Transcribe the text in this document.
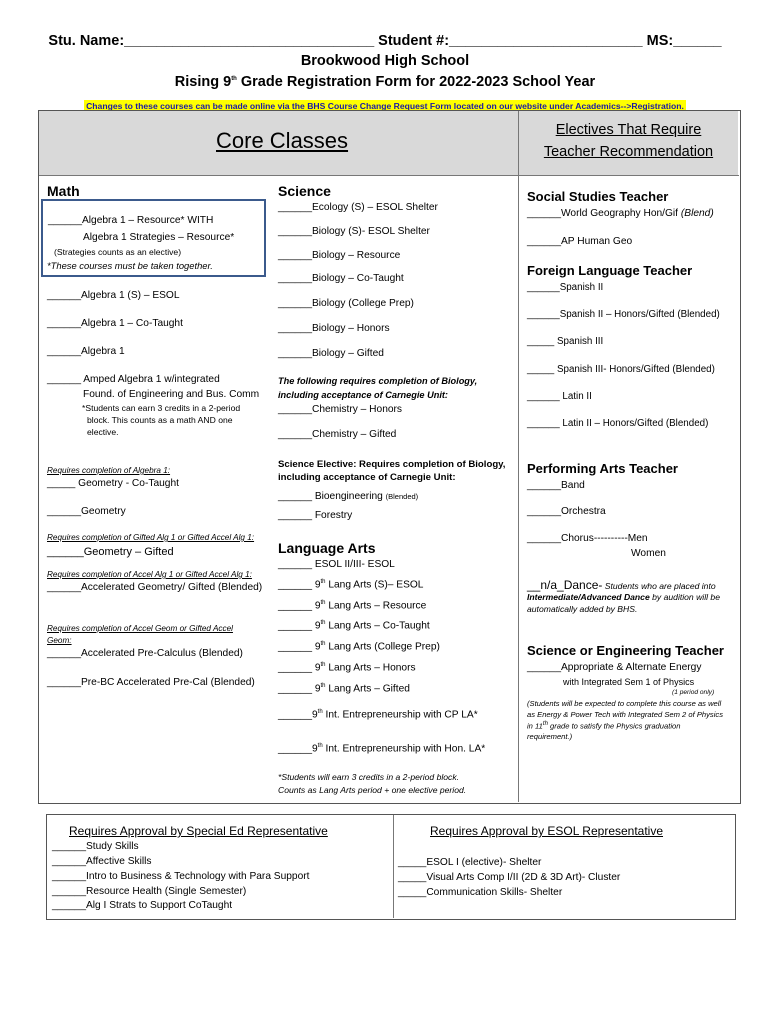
Stu. Name:_______________________________ Student #:________________________ MS:______
Brookwood High School
Rising 9th Grade Registration Form for 2022-2023 School Year
Changes to these courses can be made online via the BHS Course Change Request Form located on our website under Academics-->Registration.
Core Classes	Electives That Require
Teacher Recommendation
Math
______Algebra 1 – Resource* WITH
Algebra 1 Strategies – Resource*
(Strategies counts as an elective)
*These courses must be taken together.
______Algebra 1 (S) – ESOL
______Algebra 1 – Co-Taught
______Algebra 1
______ Amped Algebra 1 w/integrated
Found. of Engineering and Bus. Comm
*Students can earn 3 credits in a 2-period
block. This counts as a math AND one
elective.
Requires completion of Algebra 1:
_____ Geometry - Co-Taught
______Geometry
Requires completion of Gifted Alg 1 or Gifted Accel Alg 1:
______Geometry – Gifted
Requires completion of Accel Alg 1 or Gifted Accel Alg 1:
______Accelerated Geometry/ Gifted (Blended)
Requires completion of Accel Geom or Gifted Accel
Geom:
______Accelerated Pre-Calculus (Blended)
______Pre-BC Accelerated Pre-Cal (Blended)
Science
______Ecology (S) – ESOL Shelter
______Biology (S)- ESOL Shelter
______Biology – Resource
______Biology – Co-Taught
______Biology (College Prep)
______Biology – Honors
______Biology – Gifted
The following requires completion of Biology,
including acceptance of Carnegie Unit:
______Chemistry – Honors
______Chemistry – Gifted
Science Elective: Requires completion of Biology,
including acceptance of Carnegie Unit:
______ Bioengineering (Blended)
______ Forestry
Language Arts
______ ESOL II/III- ESOL
______ 9th Lang Arts (S)– ESOL
______ 9th Lang Arts – Resource
______ 9th Lang Arts – Co-Taught
______ 9th Lang Arts (College Prep)
______ 9th Lang Arts – Honors
______ 9th Lang Arts – Gifted
______9th Int. Entrepreneurship with CP LA*
______9th Int. Entrepreneurship with Hon. LA*
*Students will earn 3 credits in a 2-period block.
Counts as Lang Arts period + one elective period.
Social Studies Teacher
______World Geography Hon/Gif (Blend)
______AP Human Geo
Foreign Language Teacher
______Spanish II
______Spanish II – Honors/Gifted (Blended)
_____ Spanish III
_____ Spanish III- Honors/Gifted (Blended)
______ Latin II
______ Latin II – Honors/Gifted (Blended)
Performing Arts Teacher
______Band
______Orchestra
______Chorus----------Men
Women
__n/a_Dance- Students who are placed into
Intermediate/Advanced Dance by audition will be
automatically added by BHS.
Science or Engineering Teacher
______Appropriate & Alternate Energy
with Integrated Sem 1 of Physics
(1 period only)
(Students will be expected to complete this course as well
as Energy & Power Tech with Integrated Sem 2 of Physics
in 11th grade to satisfy the Physics graduation
requirement.)
Requires Approval by Special Ed Representative
______Study Skills
______Affective Skills
______Intro to Business & Technology with Para Support
______Resource Health (Single Semester)
______Alg I Strats to Support CoTaught
Requires Approval by ESOL Representative
_____ESOL I (elective)- Shelter
_____Visual Arts Comp I/II (2D & 3D Art)- Cluster
_____Communication Skills- Shelter
